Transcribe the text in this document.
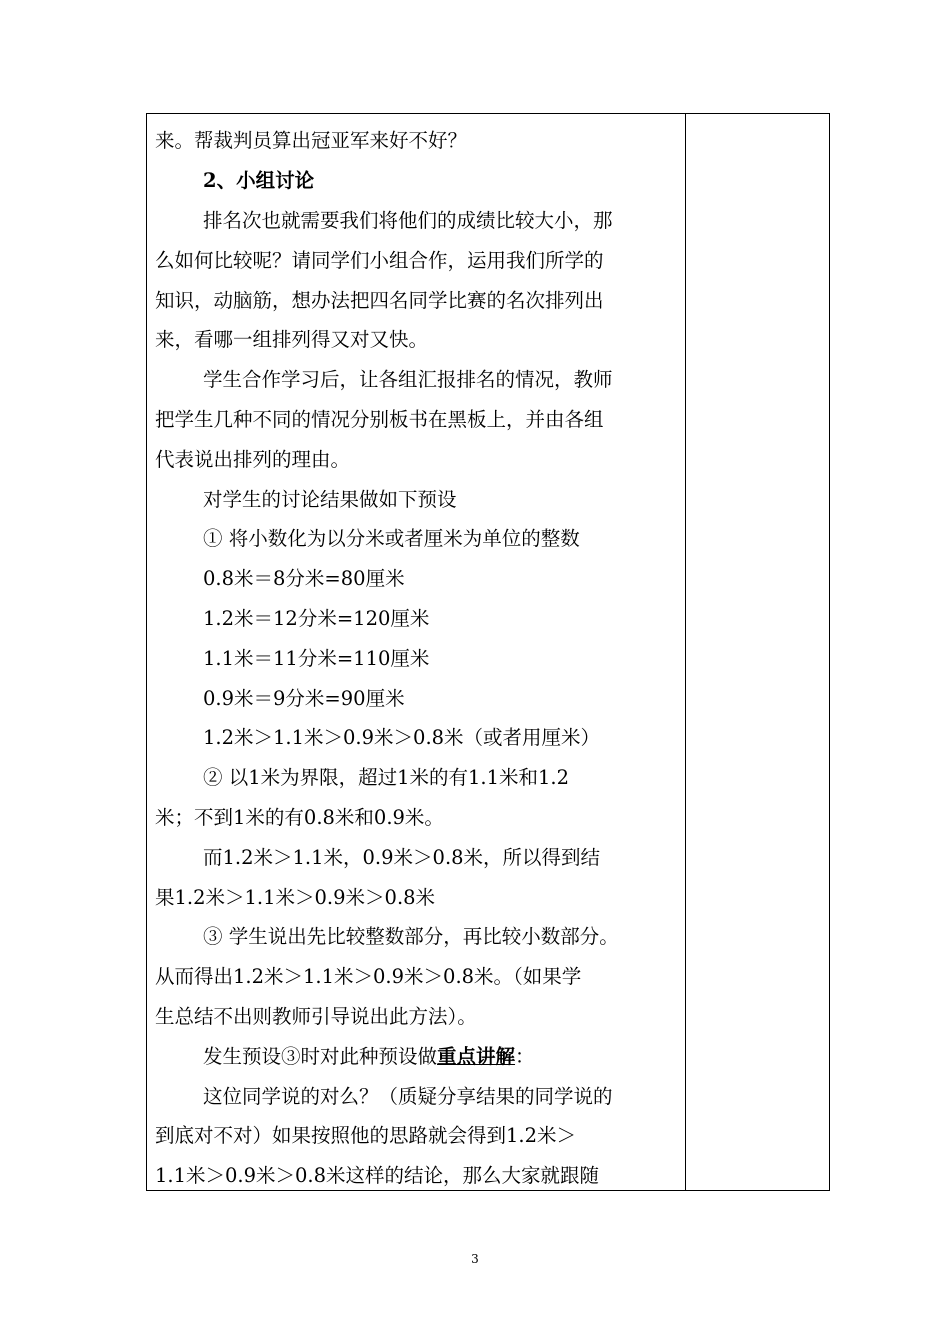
来。帮裁判员算出冠亚军来好不好？
2、小组讨论
排名次也就需要我们将他们的成绩比较大小，那
么如何比较呢？请同学们小组合作，运用我们所学的
知识，动脑筋，想办法把四名同学比赛的名次排列出
来，看哪一组排列得又对又快。
学生合作学习后，让各组汇报排名的情况，教师
把学生几种不同的情况分别板书在黑板上，并由各组
代表说出排列的理由。
对学生的讨论结果做如下预设
① 将小数化为以分米或者厘米为单位的整数
0.8米＝8分米=80厘米
1.2米＝12分米=120厘米
1.1米＝11分米=110厘米
0.9米＝9分米=90厘米
1.2米＞1.1米＞0.9米＞0.8米（或者用厘米）
② 以1米为界限，超过1米的有1.1米和1.2
米；不到1米的有0.8米和0.9米。
而1.2米＞1.1米，0.9米＞0.8米，所以得到结
果1.2米＞1.1米＞0.9米＞0.8米
③ 学生说出先比较整数部分，再比较小数部分。
从而得出1.2米＞1.1米＞0.9米＞0.8米。（如果学
生总结不出则教师引导说出此方法）。
发生预设③时对此种预设做重点讲解：
这位同学说的对么？（质疑分享结果的同学说的
到底对不对）如果按照他的思路就会得到1.2米＞
1.1米＞0.9米＞0.8米这样的结论，那么大家就跟随
3
